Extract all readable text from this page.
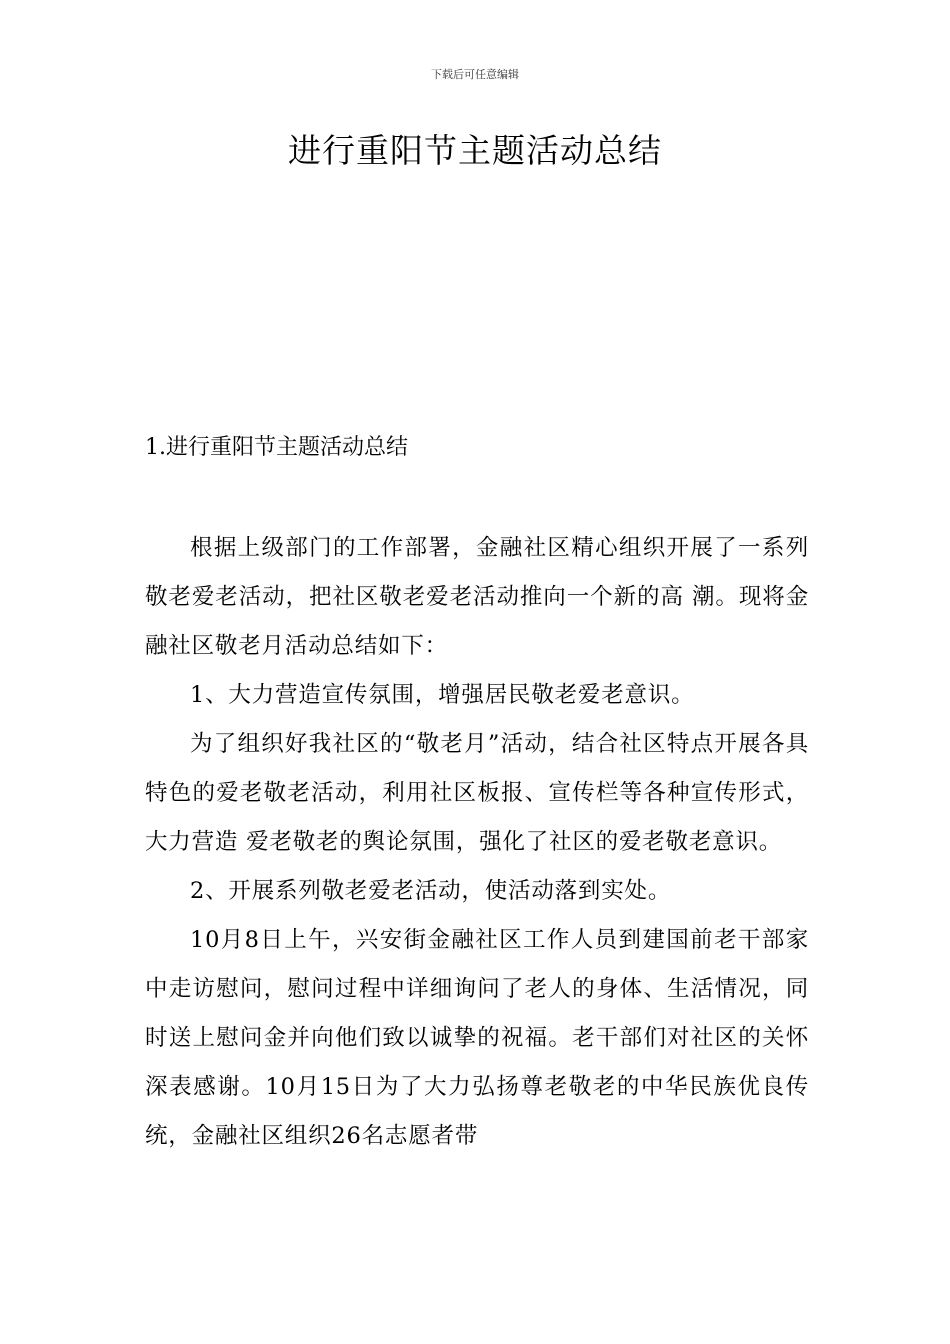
下载后可任意编辑
进行重阳节主题活动总结
1.进行重阳节主题活动总结

根据上级部门的工作部署，金融社区精心组织开展了一系列敬老爱老活动，把社区敬老爱老活动推向一个新的高 潮。现将金融社区敬老月活动总结如下：

1、大力营造宣传氛围，增强居民敬老爱老意识。

为了组织好我社区的“敬老月”活动，结合社区特点开展各具特色的爱老敬老活动，利用社区板报、宣传栏等各种宣传形式，大力营造 爱老敬老的舆论氛围，强化了社区的爱老敬老意识。

2、开展系列敬老爱老活动，使活动落到实处。

10月8日上午，兴安街金融社区工作人员到建国前老干部家中走访慰问，慰问过程中详细询问了老人的身体、生活情况，同时送上慰问金并向他们致以诚挚的祝福。老干部们对社区的关怀深表感谢。10月15日为了大力弘扬尊老敬老的中华民族优良传统，金融社区组织26名志愿者带
